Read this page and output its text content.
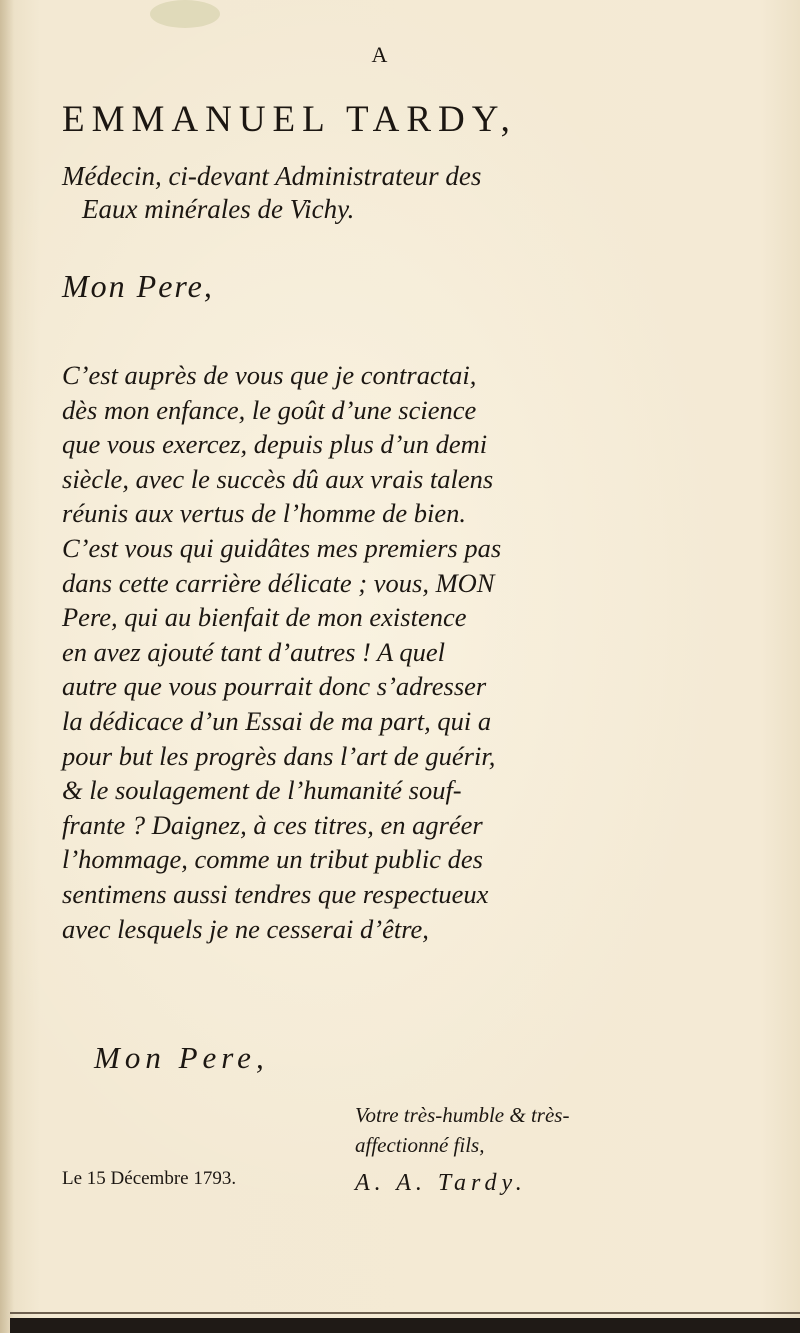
A
EMMANUEL TARDY,
Médecin, ci-devant Administrateur des
Eaux minérales de Vichy.
Mon Pere,
C’est auprès de vous que je contractai,
dès mon enfance, le goût d’une science
que vous exercez, depuis plus d’un demi
siècle, avec le succès dû aux vrais talens
réunis aux vertus de l’homme de bien.
C’est vous qui guidâtes mes premiers pas
dans cette carrière délicate ; vous, MON
Pere, qui au bienfait de mon existence
en avez ajouté tant d’autres ! A quel
autre que vous pourrait donc s’adresser
la dédicace d’un Essai de ma part, qui a
pour but les progrès dans l’art de guérir,
& le soulagement de l’humanité souf-
frante ? Daignez, à ces titres, en agréer
l’hommage, comme un tribut public des
sentimens aussi tendres que respectueux
avec lesquels je ne cesserai d’être,
Mon Pere,
Votre très-humble & très-
affectionné fils,
A. A. Tardy.
Le 15 Décembre 1793.
